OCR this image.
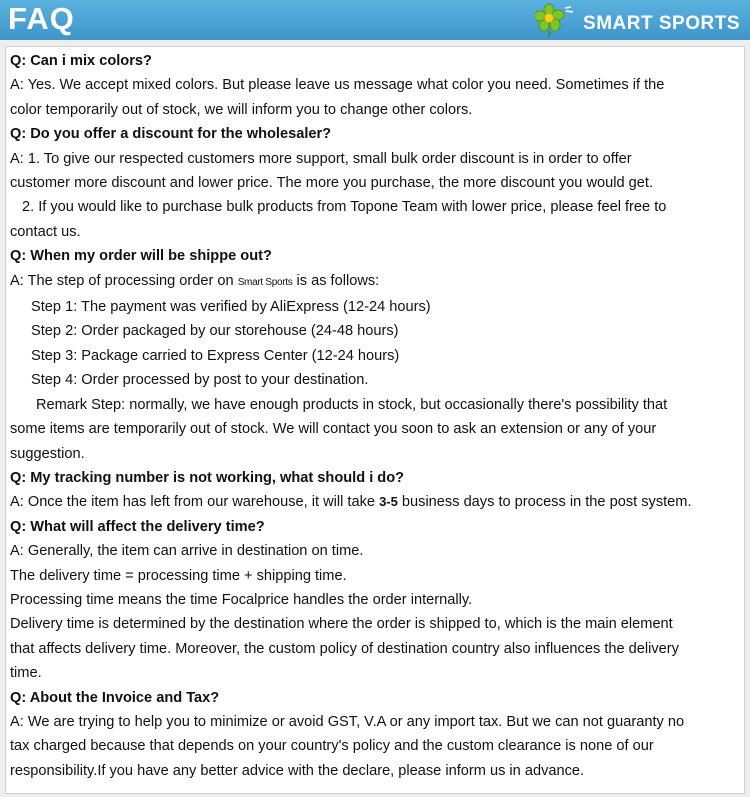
FAQ	SMART SPORTS
Q: Can i mix colors?
A: Yes. We accept mixed colors. But please leave us message what color you need. Sometimes if the
color temporarily out of stock, we will inform you to change other colors.
Q: Do you offer a discount for the wholesaler?
A: 1. To give our respected customers more support, small bulk order discount is in order to offer
customer more discount and lower price. The more you purchase, the more discount you would get.
2. If you would like to purchase bulk products from Topone Team with lower price, please feel free to
contact us.
Q: When my order will be shippe out?
A: The step of processing order on Smart Sports is as follows:
Step 1: The payment was verified by AliExpress (12-24 hours)
Step 2: Order packaged by our storehouse (24-48 hours)
Step 3: Package carried to Express Center (12-24 hours)
Step 4: Order processed by post to your destination.
Remark Step: normally, we have enough products in stock, but occasionally there's possibility that
some items are temporarily out of stock. We will contact you soon to ask an extension or any of your
suggestion.
Q: My tracking number is not working, what should i do?
A: Once the item has left from our warehouse, it will take 3-5 business days to process in the post system.
Q: What will affect the delivery time?
A: Generally, the item can arrive in destination on time.
The delivery time = processing time + shipping time.
Processing time means the time Focalprice handles the order internally.
Delivery time is determined by the destination where the order is shipped to, which is the main element
that affects delivery time. Moreover, the custom policy of destination country also influences the delivery
time.
Q: About the Invoice and Tax?
A: We are trying to help you to minimize or avoid GST, V.A or any import tax. But we can not guaranty no
tax charged because that depends on your country's policy and the custom clearance is none of our
responsibility.If you have any better advice with the declare, please inform us in advance.
